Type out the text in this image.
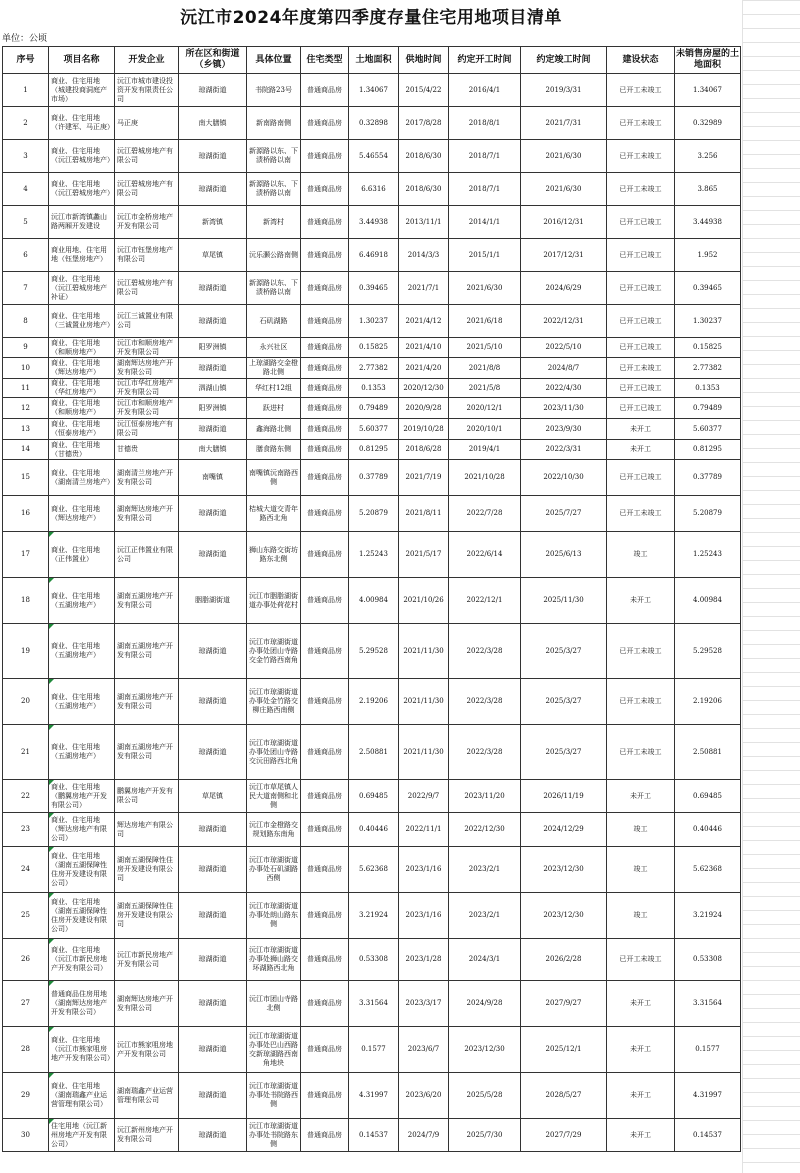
沅江市2024年度第四季度存量住宅用地项目清单
单位：公顷
序号	项目名称	开发企业	所在区和街道（乡镇）	具体位置	住宅类型	土地面积	供地时间	约定开工时间	约定竣工时间	建设状态	未销售房屋的土地面积
1	商业、住宅用地（城建投商洞庭产市场）	沅江市城市建设投资开发有限责任公司	琼湖街道	书院路23号	普通商品房	1.34067	2015/4/22	2016/4/1	2019/3/31	已开工未竣工	1.34067
2	商业、住宅用地（许建军、马正庚）	马正庚	南大膳镇	新南路南侧	普通商品房	0.32898	2017/8/28	2018/8/1	2021/7/31	已开工未竣工	0.32989
3	商业、住宅用地（沅江碧城房地产）	沅江碧城房地产有限公司	琼湖街道	新源路以东、下渍桥路以南	普通商品房	5.46554	2018/6/30	2018/7/1	2021/6/30	已开工未竣工	3.256
4	商业、住宅用地（沅江碧城房地产）	沅江碧城房地产有限公司	琼湖街道	新源路以东、下渍桥路以南	普通商品房	6.6316	2018/6/30	2018/7/1	2021/6/30	已开工未竣工	3.865
5	沅江市新湾镇蠡山路两厢开发建设	沅江市金桥房地产开发有限公司	新湾镇	新湾村	普通商品房	3.44938	2013/11/1	2014/1/1	2016/12/31	已开工已竣工	3.44938
6	商业用地、住宅用地（钰堡房地产）	沅江市钰堡房地产有限公司	草尾镇	沅乐灏公路南侧	普通商品房	6.46918	2014/3/3	2015/1/1	2017/12/31	已开工已竣工	1.952
7	商业、住宅用地（沅江碧城房地产补证）	沅江碧城房地产有限公司	琼湖街道	新源路以东、下渍桥路以南	普通商品房	0.39465	2021/7/1	2021/6/30	2024/6/29	已开工已竣工	0.39465
8	商业、住宅用地（三诚置业房地产）	沅江三诚置业有限公司	琼湖街道	石矶湖路	普通商品房	1.30237	2021/4/12	2021/6/18	2022/12/31	已开工已竣工	1.30237
9	商业、住宅用地（和顺房地产）	沅江市和顺房地产开发有限公司	阳罗洲镇	永兴社区	普通商品房	0.15825	2021/4/10	2021/5/10	2022/5/10	已开工已竣工	0.15825
10	商业、住宅用地（辉达房地产）	湖南辉达房地产开发有限公司	琼湖街道	上琼湖路交金橙路北侧	普通商品房	2.77382	2021/4/20	2021/8/8	2024/8/7	已开工未竣工	2.77382
11	商业、住宅用地（华红房地产）	沅江市华红房地产开发有限公司	泗湖山镇	华红村12组	普通商品房	0.1353	2020/12/30	2021/5/8	2022/4/30	已开工已竣工	0.1353
12	商业、住宅用地（和顺房地产）	沅江市和顺房地产开发有限公司	阳罗洲镇	跃进村	普通商品房	0.79489	2020/9/28	2020/12/1	2023/11/30	已开工已竣工	0.79489
13	商业、住宅用地（恒泰房地产）	沅江恒泰房地产有限公司	琼湖街道	鑫海路北侧	普通商品房	5.60377	2019/10/28	2020/10/1	2023/9/30	未开工	5.60377
14	商业、住宅用地（甘德贵）	甘德贵	南大膳镇	膳食路东侧	普通商品房	0.81295	2018/6/28	2019/4/1	2022/3/31	未开工	0.81295
15	商业、住宅用地（湖南清兰房地产）	湖南清兰房地产开发有限公司	南嘴镇	南嘴镇沅南路西侧	普通商品房	0.37789	2021/7/19	2021/10/28	2022/10/30	已开工已竣工	0.37789
16	商业、住宅用地（辉达房地产）	湖南辉达房地产开发有限公司	琼湖街道	桔城大道交青年路西北角	普通商品房	5.20879	2021/8/11	2022/7/28	2025/7/27	已开工未竣工	5.20879
17	商业、住宅用地（正伟置业）	沅江正伟置业有限公司	琼湖街道	狮山东路交街坊路东北侧	普通商品房	1.25243	2021/5/17	2022/6/14	2025/6/13	竣工	1.25243
18	商业、住宅用地（五湖房地产）	湖南五湖房地产开发有限公司	胭脂湖街道	沅江市胭脂湖街道办事处荷花村	普通商品房	4.00984	2021/10/26	2022/12/1	2025/11/30	未开工	4.00984
19	商业、住宅用地（五湖房地产）	湖南五湖房地产开发有限公司	琼湖街道	沅江市琼湖街道办事处团山寺路交金竹路西南角	普通商品房	5.29528	2021/11/30	2022/3/28	2025/3/27	已开工未竣工	5.29528
20	商业、住宅用地（五湖房地产）	湖南五湖房地产开发有限公司	琼湖街道	沅江市琼湖街道办事处金竹路交柳庄路西南侧	普通商品房	2.19206	2021/11/30	2022/3/28	2025/3/27	已开工未竣工	2.19206
21	商业、住宅用地（五湖房地产）	湖南五湖房地产开发有限公司	琼湖街道	沅江市琼湖街道办事处团山寺路交沅田路西北角	普通商品房	2.50881	2021/11/30	2022/3/28	2025/3/27	已开工未竣工	2.50881
22	商业、住宅用地（鹏翼房地产开发有限公司）	鹏翼房地产开发有限公司	草尾镇	沅江市草尾镇人民大道南侧和北侧	普通商品房	0.69485	2022/9/7	2023/11/20	2026/11/19	未开工	0.69485
23	商业、住宅用地（辉达房地产有限公司）	辉达房地产有限公司	琼湖街道	沅江市金橙路交规划路东南角	普通商品房	0.40446	2022/11/1	2022/12/30	2024/12/29	竣工	0.40446
24	商业、住宅用地（湖南五湖保障性住房开发建设有限公司）	湖南五湖保障性住房开发建设有限公司	琼湖街道	沅江市琼湖街道办事处石矶湖路西侧	普通商品房	5.62368	2023/1/16	2023/2/1	2023/12/30	竣工	5.62368
25	商业、住宅用地（湖南五湖保障性住房开发建设有限公司）	湖南五湖保障性住房开发建设有限公司	琼湖街道	沅江市琼湖街道办事处朗山路东侧	普通商品房	3.21924	2023/1/16	2023/2/1	2023/12/30	竣工	3.21924
26	商业、住宅用地（沅江市新民房地产开发有限公司）	沅江市新民房地产开发有限公司	琼湖街道	沅江市琼湖街道办事处狮山路交环湖路西北角	普通商品房	0.53308	2023/1/28	2024/3/1	2026/2/28	已开工未竣工	0.53308
27	普通商品住房用地（湖南辉达房地产开发有限公司）	湖南辉达房地产开发有限公司	琼湖街道	沅江市团山寺路北侧	普通商品房	3.31564	2023/3/17	2024/9/28	2027/9/27	未开工	3.31564
28	商业、住宅用地（沅江市熊家咀房地产开发有限公司）	沅江市熊家咀房地产开发有限公司	琼湖街道	沅江市琼湖街道办事处巴山西路交新琼湖路西南角地块	普通商品房	0.1577	2023/6/7	2023/12/30	2025/12/1	未开工	0.1577
29	商业、住宅用地（湖南瑞鑫产业运营管理有限公司）	湖南瑞鑫产业运营管理有限公司	琼湖街道	沅江市琼湖街道办事处书院路西侧	普通商品房	4.31997	2023/6/20	2025/5/28	2028/5/27	未开工	4.31997
30	住宅用地（沅江新州房地产开发有限公司）	沅江新州房地产开发有限公司	琼湖街道	沅江市琼湖街道办事处书院路东侧	普通商品房	0.14537	2024/7/9	2025/7/30	2027/7/29	未开工	0.14537
